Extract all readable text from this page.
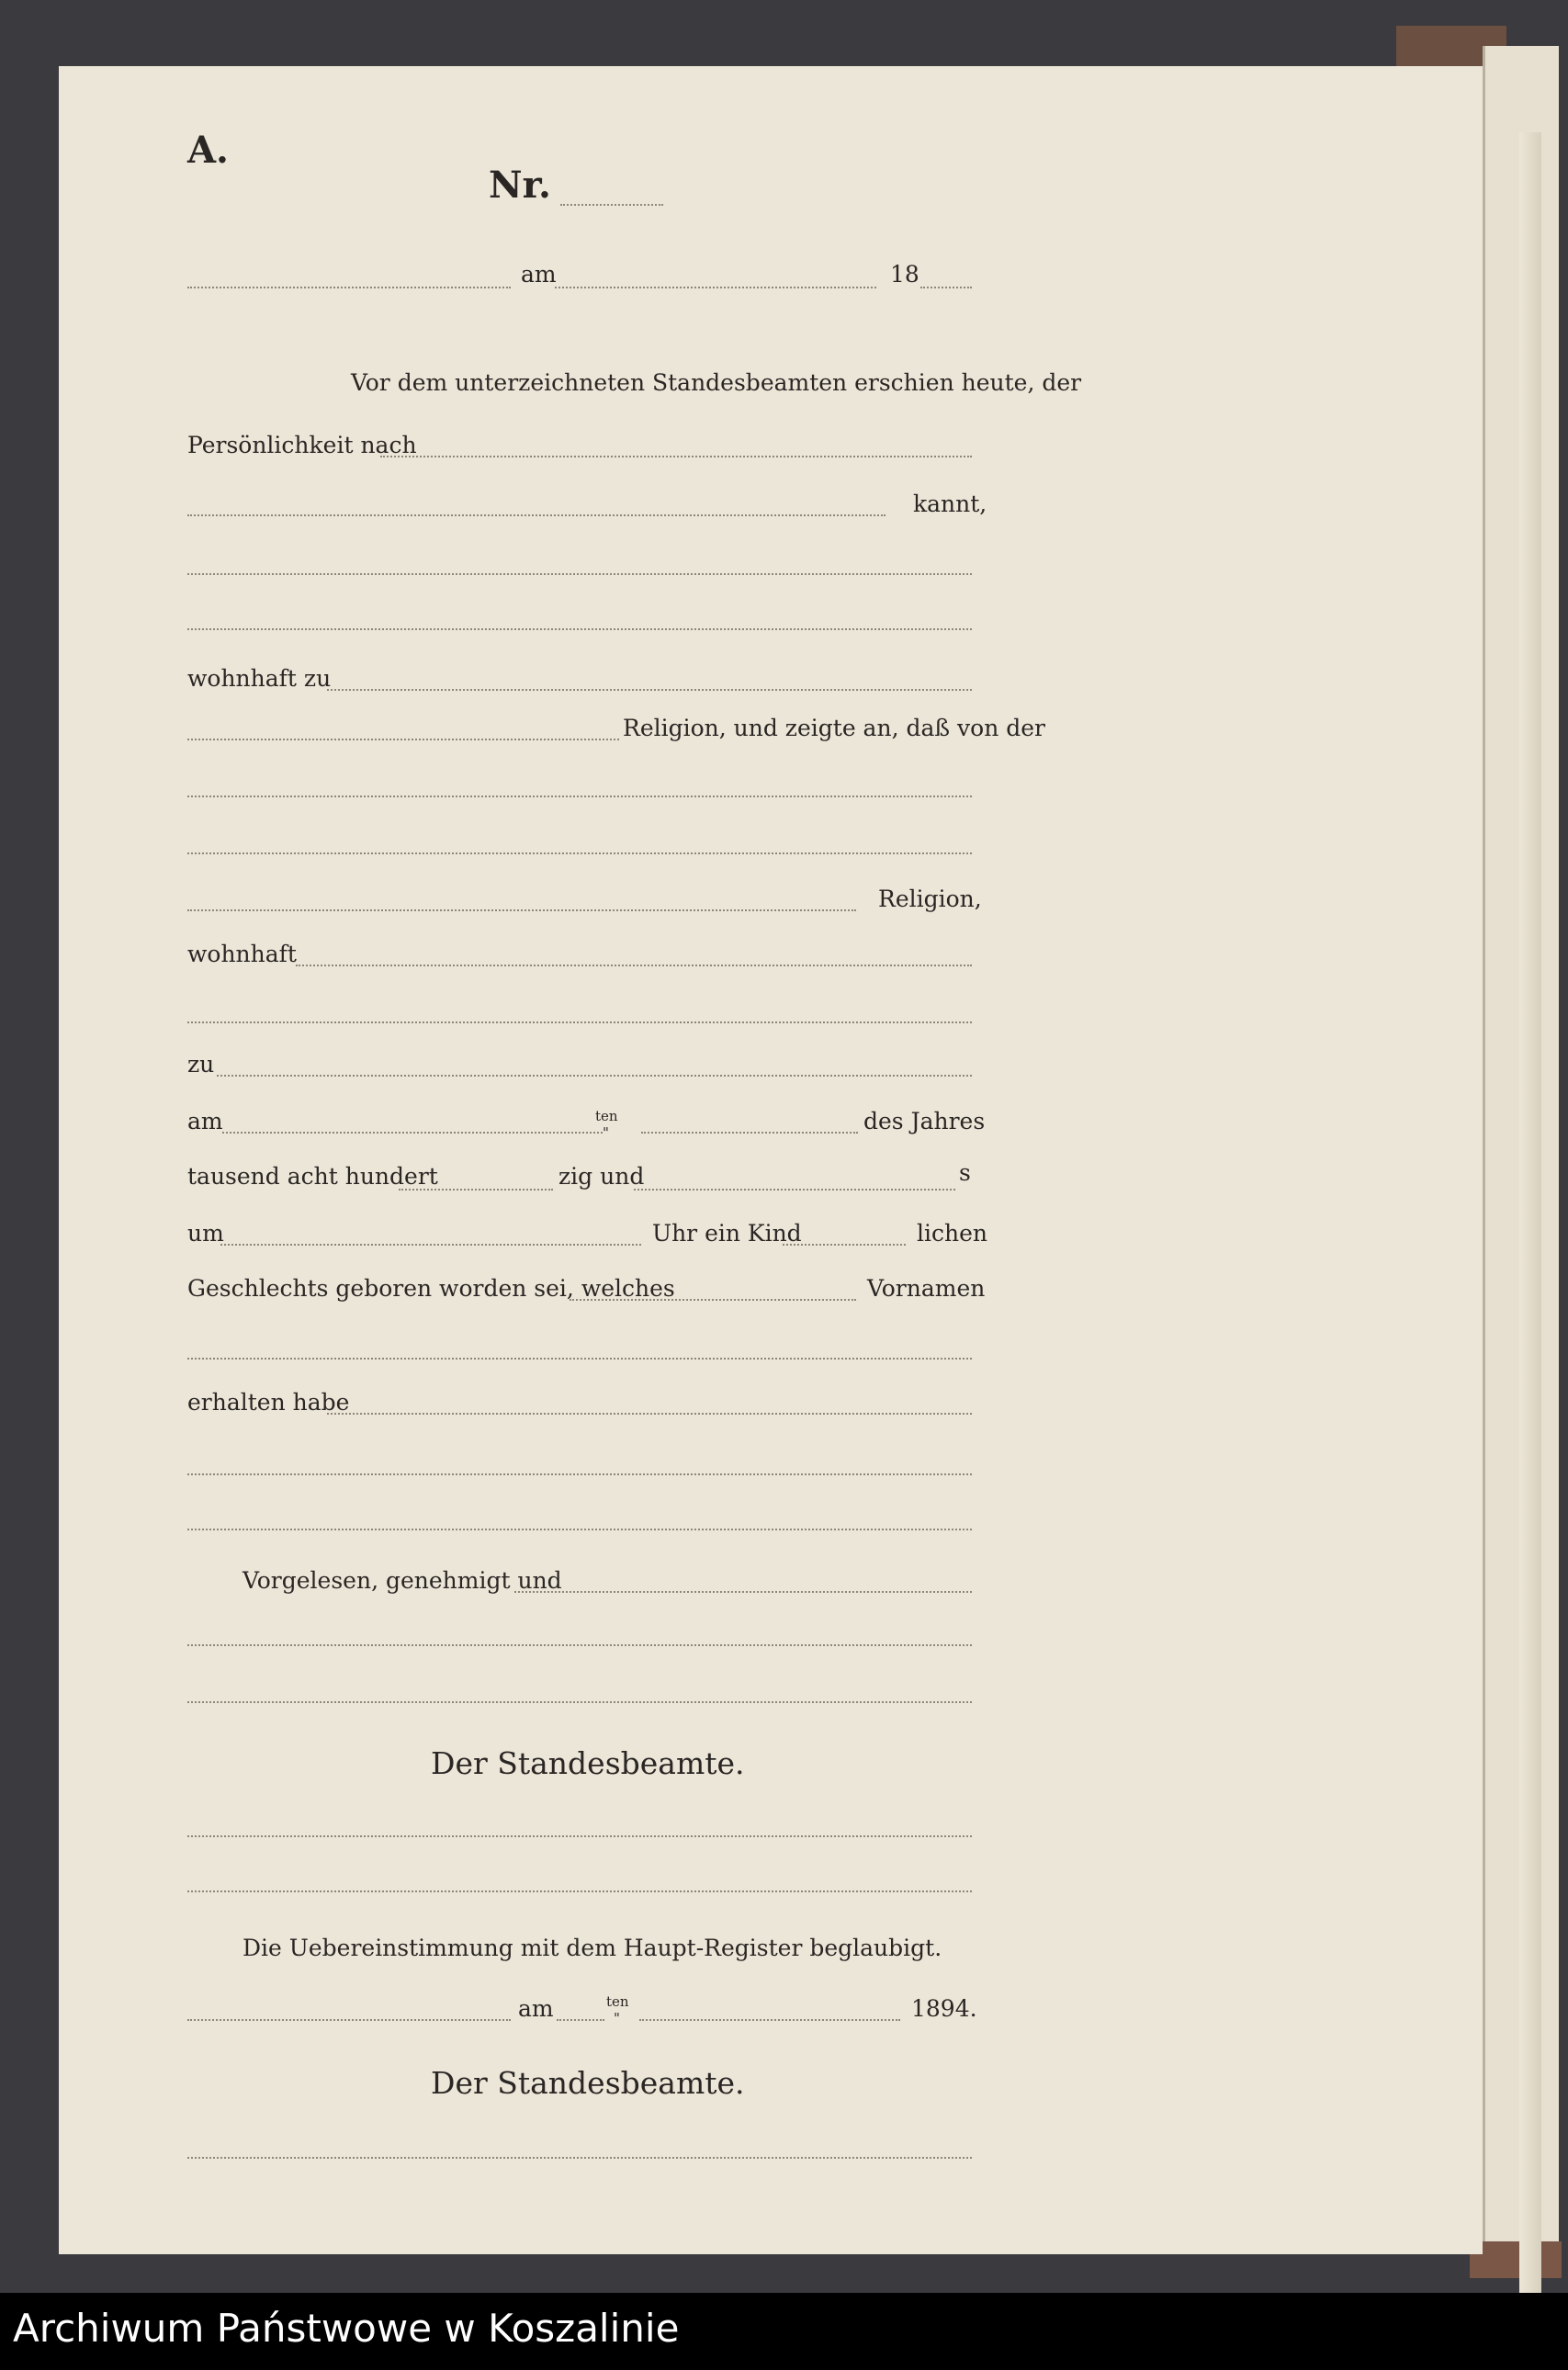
A.
Nr.
am	18
Vor dem unterzeichneten Standesbeamten erschien heute, der
Persönlichkeit nach
kannt,
wohnhaft zu
Religion, und zeigte an, daß von der
Religion,
wohnhaft
zu
am	ten
"	des Jahres
tausend acht hundert	zig und	s
um	Uhr ein Kind	lichen
Geschlechts geboren worden sei, welches	Vornamen
erhalten habe
Vorgelesen, genehmigt und
Der Standesbeamte.
Die Uebereinstimmung mit dem Haupt-Register beglaubigt.
am	ten
"	1894.
Der Standesbeamte.
Archiwum Państwowe w Koszalinie
